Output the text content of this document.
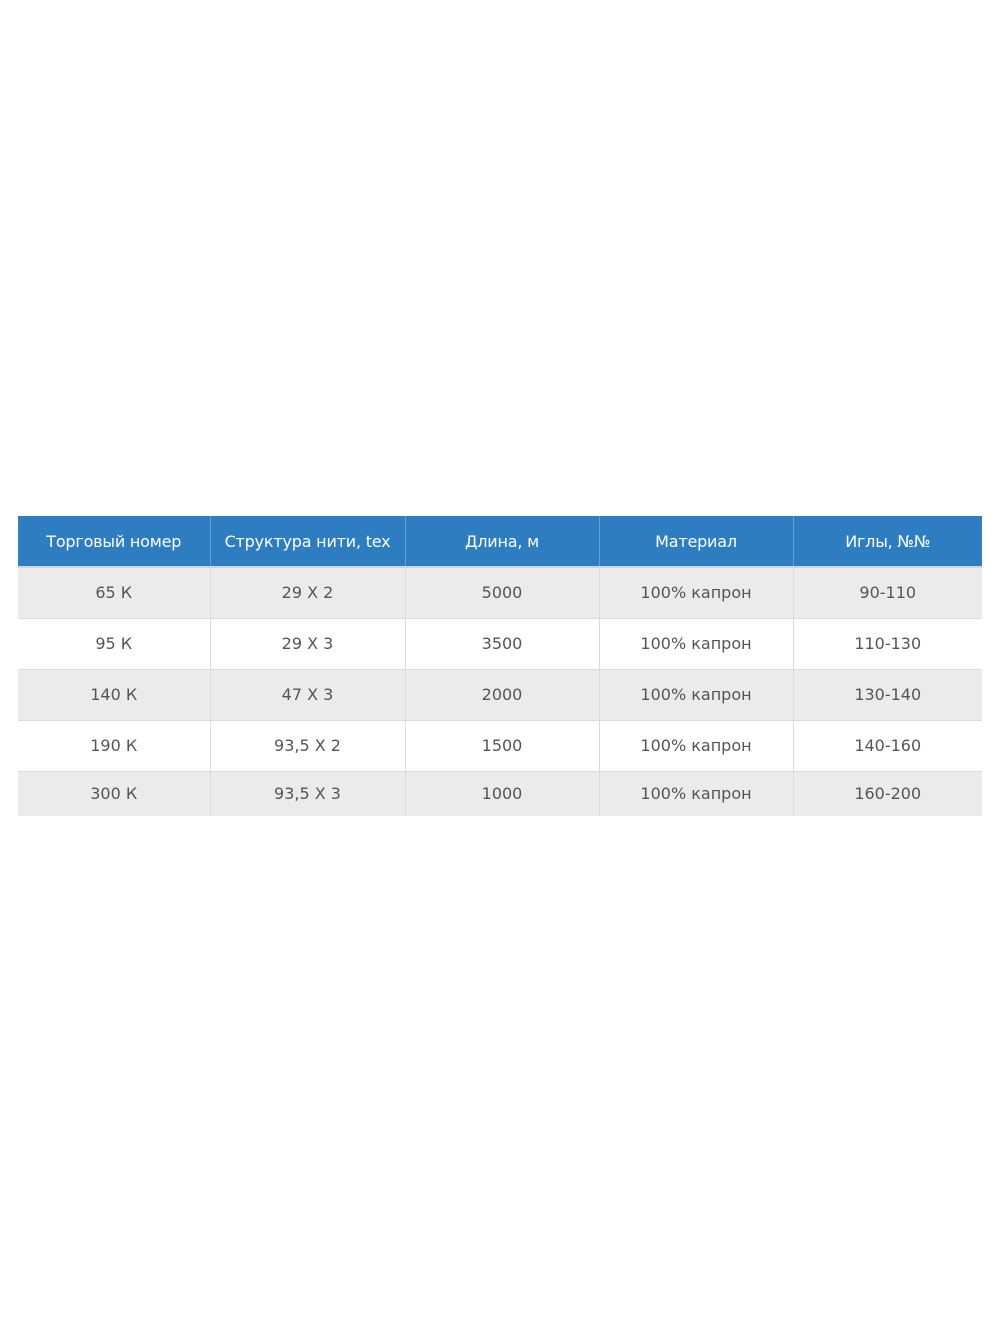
Торговый номер	Структура нити, tex	Длина, м	Материал	Иглы, №№
65 К	29 Х 2	5000	100% капрон	90-110
95 К	29 Х 3	3500	100% капрон	110-130
140 К	47 Х 3	2000	100% капрон	130-140
190 К	93,5 Х 2	1500	100% капрон	140-160
300 К	93,5 Х 3	1000	100% капрон	160-200
